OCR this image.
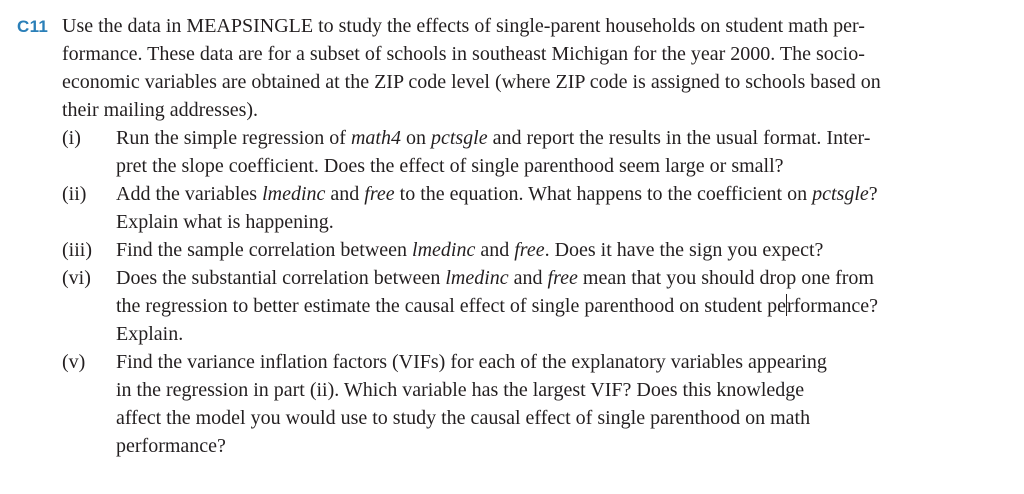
C11 Use the data in MEAPSINGLE to study the effects of single-parent households on student math per-
formance. These data are for a subset of schools in southeast Michigan for the year 2000. The socio-
economic variables are obtained at the ZIP code level (where ZIP code is assigned to schools based on
their mailing addresses).
(i) Run the simple regression of math4 on pctsgle and report the results in the usual format. Inter-
pret the slope coefficient. Does the effect of single parenthood seem large or small?
(ii) Add the variables lmedinc and free to the equation. What happens to the coefficient on pctsgle?
Explain what is happening.
(iii) Find the sample correlation between lmedinc and free. Does it have the sign you expect?
(vi) Does the substantial correlation between lmedinc and free mean that you should drop one from
the regression to better estimate the causal effect of single parenthood on student performance?
Explain.
(v) Find the variance inflation factors (VIFs) for each of the explanatory variables appearing
in the regression in part (ii). Which variable has the largest VIF? Does this knowledge
affect the model you would use to study the causal effect of single parenthood on math
performance?
